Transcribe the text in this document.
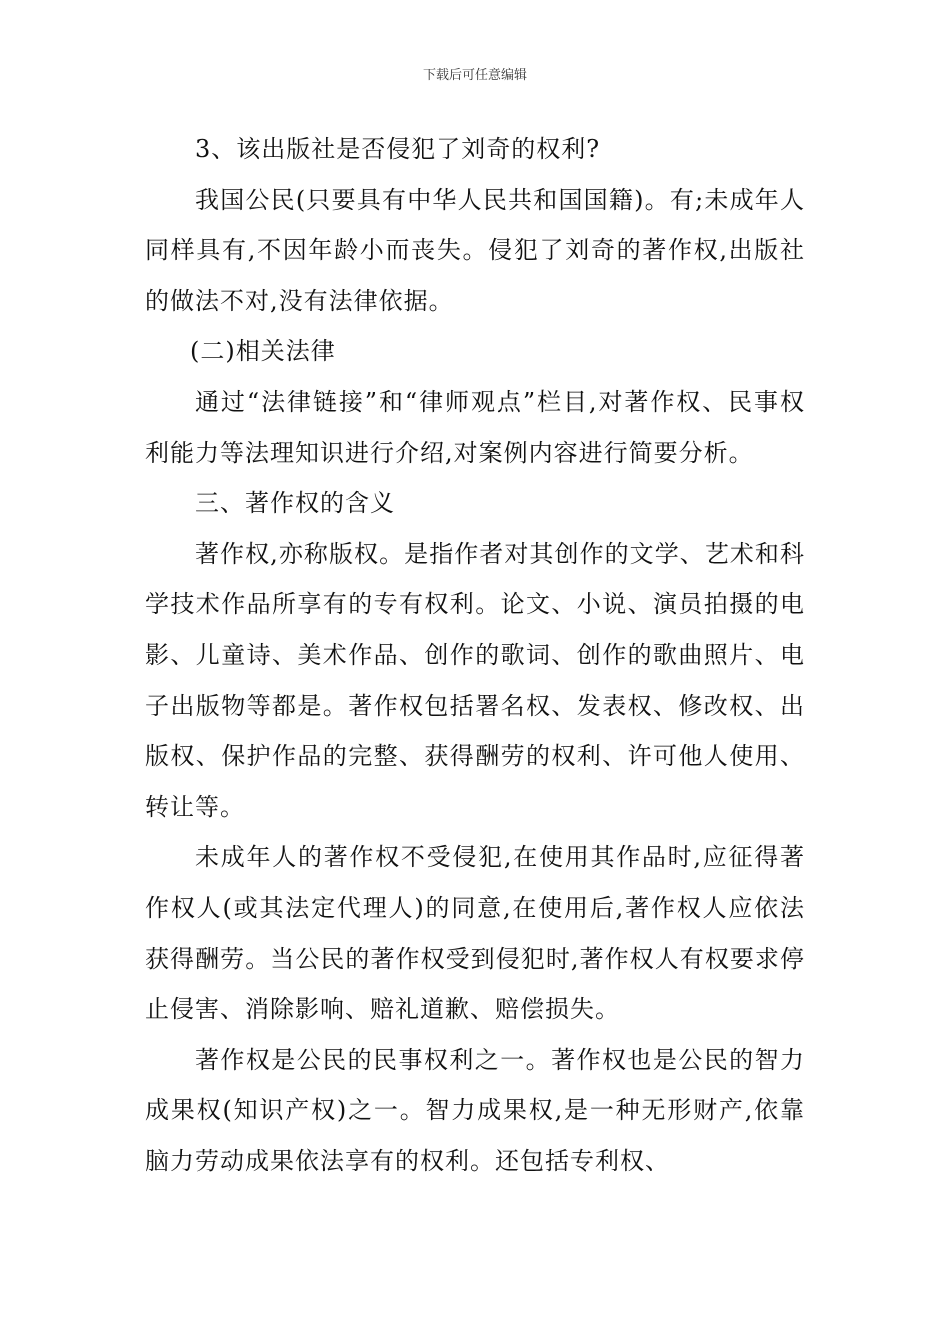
下载后可任意编辑

3、该出版社是否侵犯了刘奇的权利?

我国公民(只要具有中华人民共和国国籍)。有;未成年人同样具有,不因年龄小而丧失。侵犯了刘奇的著作权,出版社的做法不对,没有法律依据。

(二)相关法律

通过“法律链接”和“律师观点”栏目,对著作权、民事权利能力等法理知识进行介绍,对案例内容进行简要分析。

三、著作权的含义

著作权,亦称版权。是指作者对其创作的文学、艺术和科学技术作品所享有的专有权利。论文、小说、演员拍摄的电影、儿童诗、美术作品、创作的歌词、创作的歌曲照片、电子出版物等都是。著作权包括署名权、发表权、修改权、出版权、保护作品的完整、获得酬劳的权利、许可他人使用、转让等。

未成年人的著作权不受侵犯,在使用其作品时,应征得著作权人(或其法定代理人)的同意,在使用后,著作权人应依法获得酬劳。当公民的著作权受到侵犯时,著作权人有权要求停止侵害、消除影响、赔礼道歉、赔偿损失。

著作权是公民的民事权利之一。著作权也是公民的智力成果权(知识产权)之一。智力成果权,是一种无形财产,依靠脑力劳动成果依法享有的权利。还包括专利权、
